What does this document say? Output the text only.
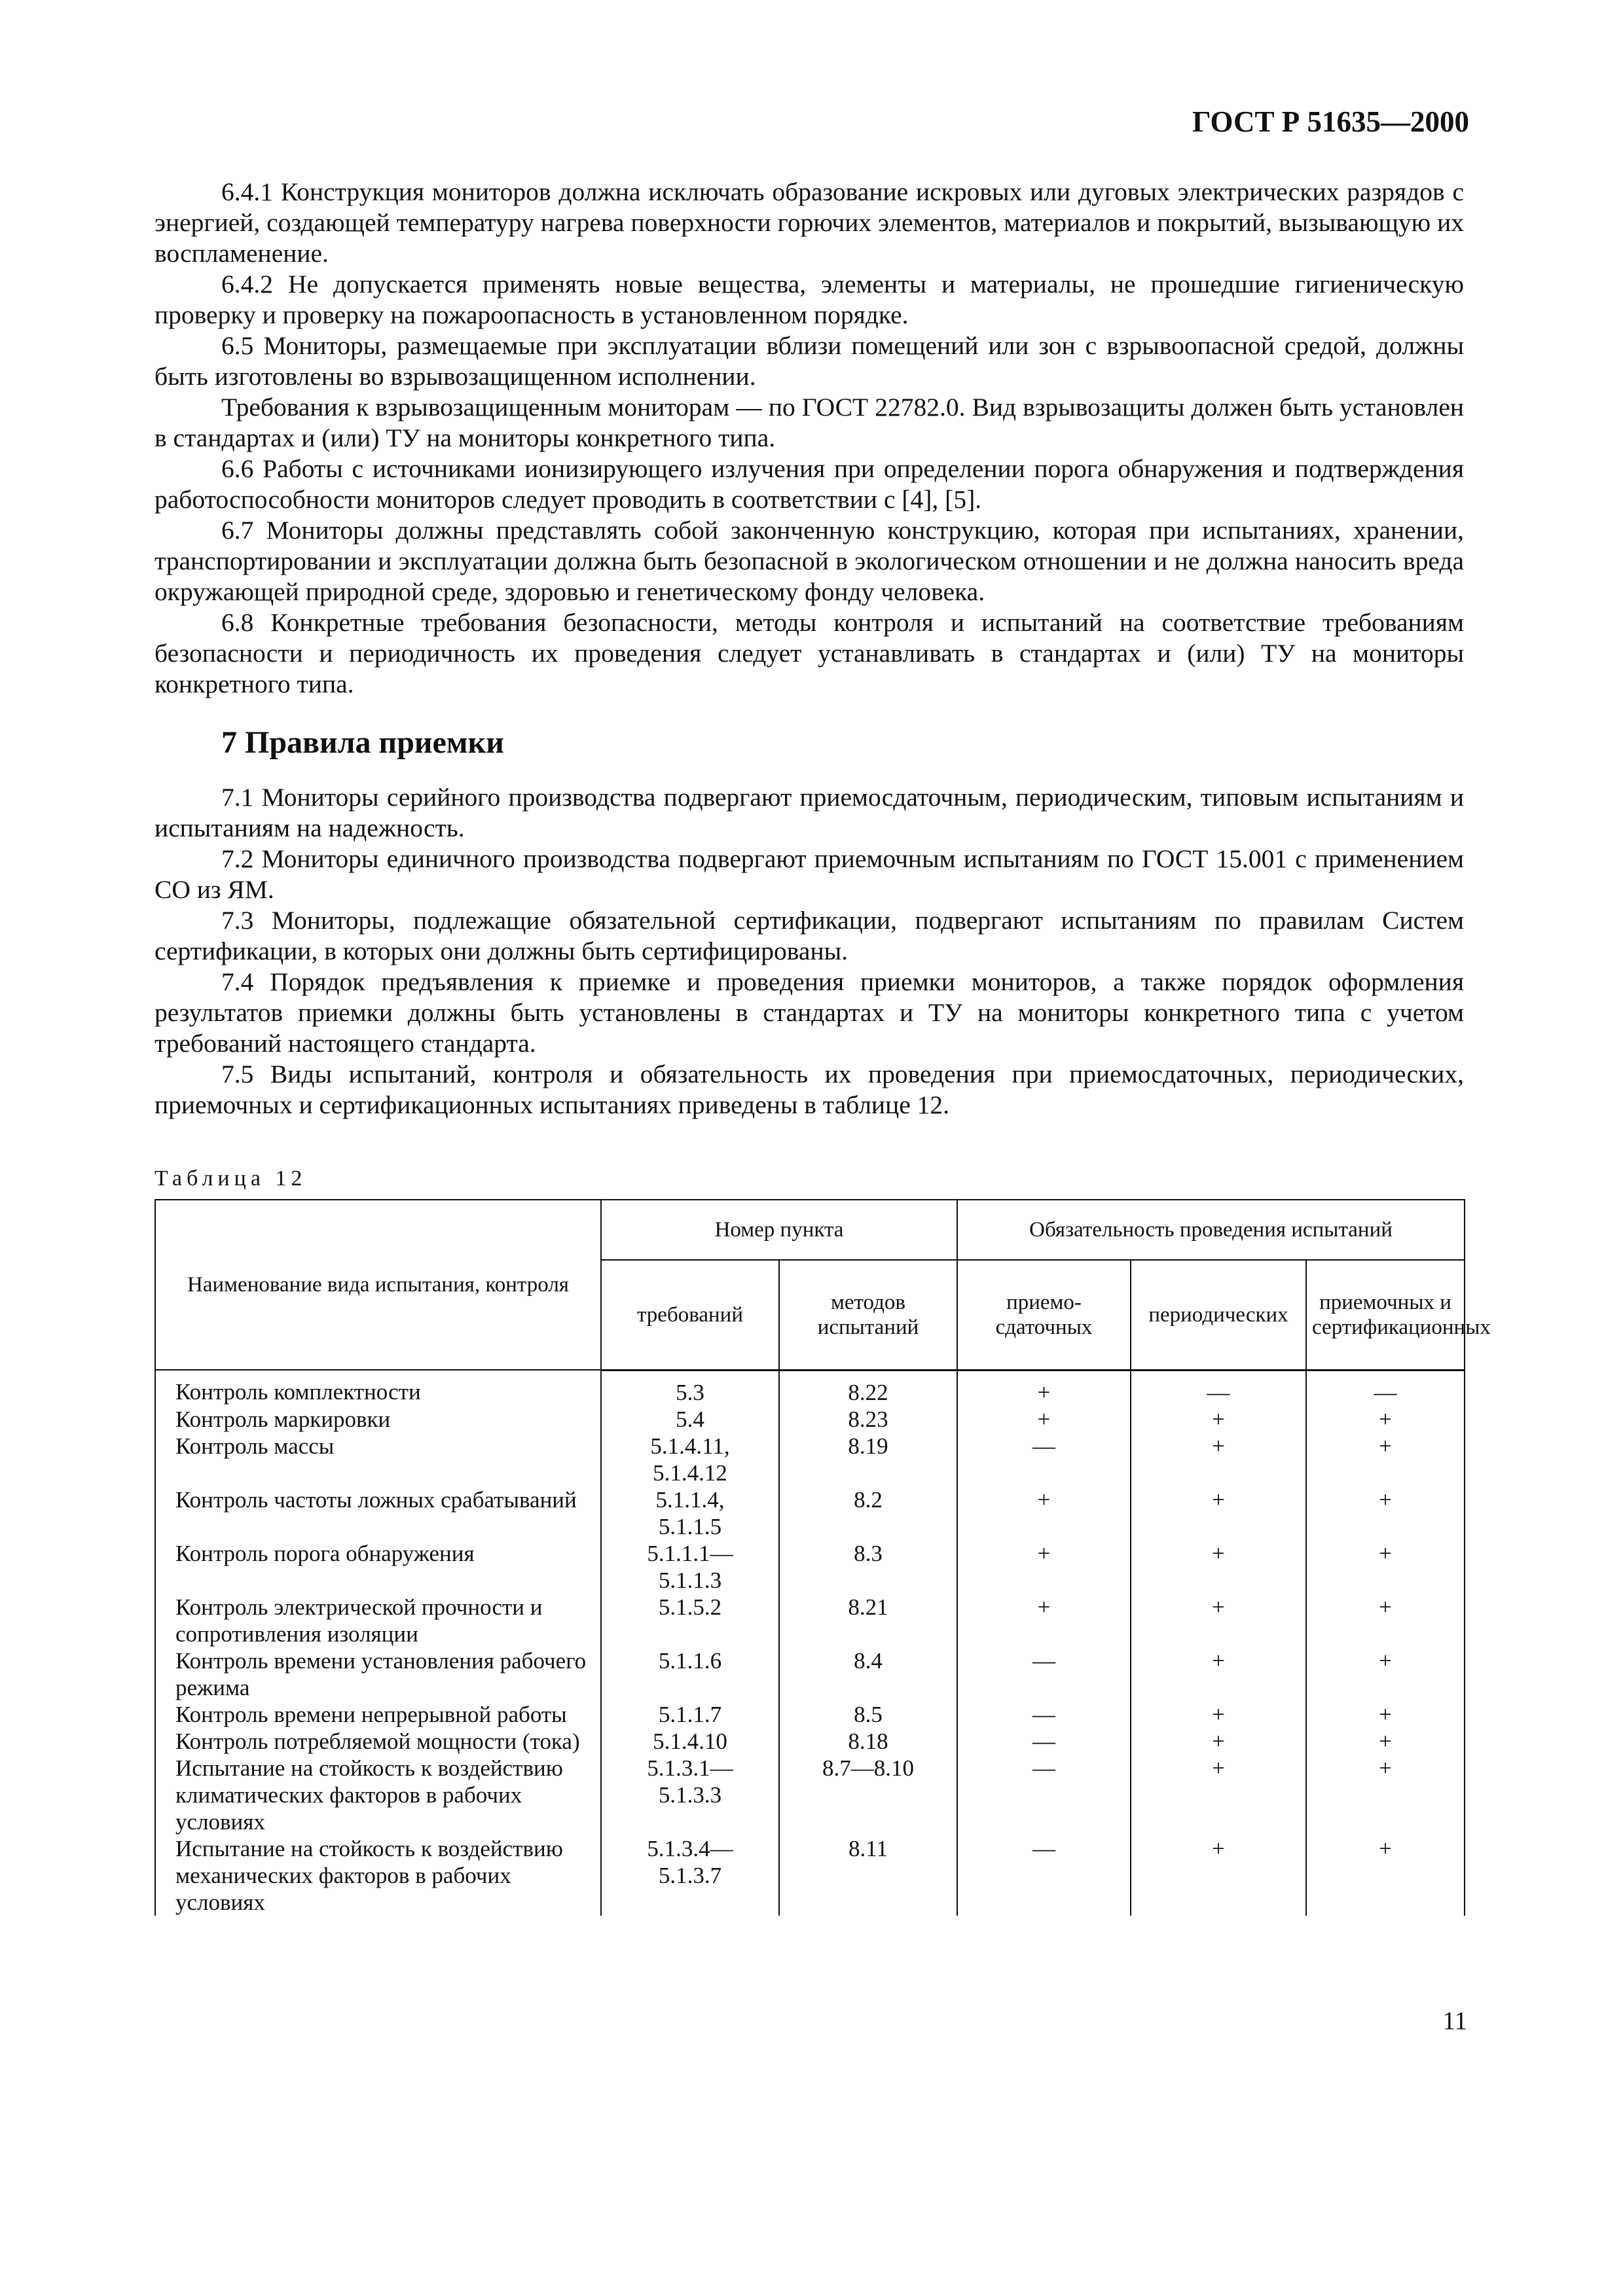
ГОСТ Р 51635—2000

6.4.1 Конструкция мониторов должна исключать образование искровых или дуговых электрических разрядов с энергией, создающей температуру нагрева поверхности горючих элементов, материалов и покрытий, вызывающую их воспламенение.

6.4.2 Не допускается применять новые вещества, элементы и материалы, не прошедшие гигиеническую проверку и проверку на пожароопасность в установленном порядке.

6.5 Мониторы, размещаемые при эксплуатации вблизи помещений или зон с взрывоопасной средой, должны быть изготовлены во взрывозащищенном исполнении.

Требования к взрывозащищенным мониторам — по ГОСТ 22782.0. Вид взрывозащиты должен быть установлен в стандартах и (или) ТУ на мониторы конкретного типа.

6.6 Работы с источниками ионизирующего излучения при определении порога обнаружения и подтверждения работоспособности мониторов следует проводить в соответствии с [4], [5].

6.7 Мониторы должны представлять собой законченную конструкцию, которая при испытаниях, хранении, транспортировании и эксплуатации должна быть безопасной в экологическом отношении и не должна наносить вреда окружающей природной среде, здоровью и генетическому фонду человека.

6.8 Конкретные требования безопасности, методы контроля и испытаний на соответствие требованиям безопасности и периодичность их проведения следует устанавливать в стандартах и (или) ТУ на мониторы конкретного типа.

7 Правила приемки

7.1 Мониторы серийного производства подвергают приемосдаточным, периодическим, типовым испытаниям и испытаниям на надежность.

7.2 Мониторы единичного производства подвергают приемочным испытаниям по ГОСТ 15.001 с применением СО из ЯМ.

7.3 Мониторы, подлежащие обязательной сертификации, подвергают испытаниям по правилам Систем сертификации, в которых они должны быть сертифицированы.

7.4 Порядок предъявления к приемке и проведения приемки мониторов, а также порядок оформления результатов приемки должны быть установлены в стандартах и ТУ на мониторы конкретного типа с учетом требований настоящего стандарта.

7.5 Виды испытаний, контроля и обязательность их проведения при приемосдаточных, периодических, приемочных и сертификационных испытаниях приведены в таблице 12.

Таблица 12
Наименование вида испытания, контроля	Номер пункта		Обязательность проведения испытаний		
	требований	методов испытаний	приемо-сдаточных	периодических	приемочных и сертификационных
Контроль комплектности	5.3	8.22	+	—	—
Контроль маркировки	5.4	8.23	+	+	+
Контроль массы	5.1.4.11,
5.1.4.12	8.19	—	+	+
Контроль частоты ложных срабатываний	5.1.1.4,
5.1.1.5	8.2	+	+	+
Контроль порога обнаружения	5.1.1.1—
5.1.1.3	8.3	+	+	+
Контроль электрической прочности и сопротивления изоляции	5.1.5.2	8.21	+	+	+
Контроль времени установления рабочего режима	5.1.1.6	8.4	—	+	+
Контроль времени непрерывной работы	5.1.1.7	8.5	—	+	+
Контроль потребляемой мощности (тока)	5.1.4.10	8.18	—	+	+
Испытание на стойкость к воздействию климатических факторов в рабочих условиях	5.1.3.1—
5.1.3.3	8.7—8.10	—	+	+
Испытание на стойкость к воздействию механических факторов в рабочих условиях	5.1.3.4—
5.1.3.7	8.11	—	+	+
11
